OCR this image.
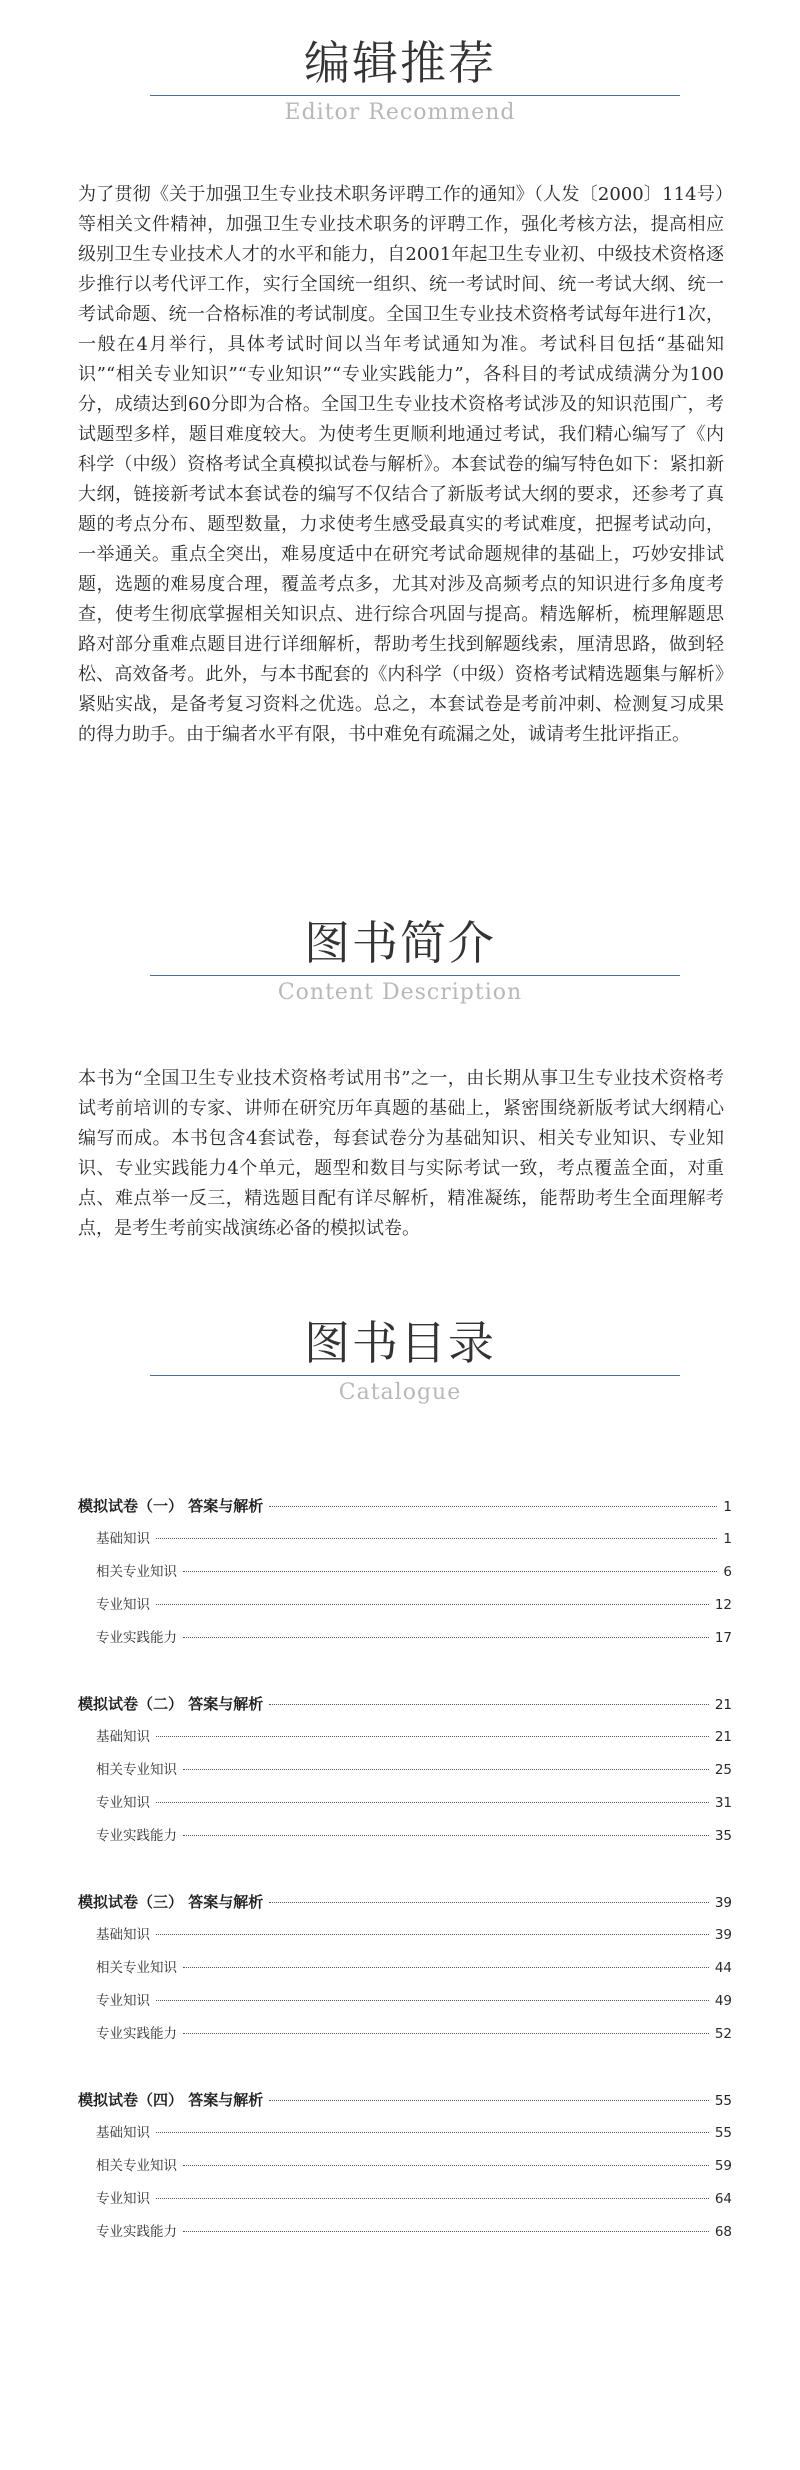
编辑推荐
Editor Recommend

为了贯彻《关于加强卫生专业技术职务评聘工作的通知》（人发〔2000〕114号）等相关文件精神，加强卫生专业技术职务的评聘工作，强化考核方法，提高相应级别卫生专业技术人才的水平和能力，自2001年起卫生专业初、中级技术资格逐步推行以考代评工作，实行全国统一组织、统一考试时间、统一考试大纲、统一考试命题、统一合格标准的考试制度。全国卫生专业技术资格考试每年进行1次，一般在4月举行，具体考试时间以当年考试通知为准。考试科目包括“基础知识”“相关专业知识”“专业知识”“专业实践能力”，各科目的考试成绩满分为100分，成绩达到60分即为合格。全国卫生专业技术资格考试涉及的知识范围广，考试题型多样，题目难度较大。为使考生更顺利地通过考试，我们精心编写了《内科学（中级）资格考试全真模拟试卷与解析》。本套试卷的编写特色如下：紧扣新大纲，链接新考试本套试卷的编写不仅结合了新版考试大纲的要求，还参考了真题的考点分布、题型数量，力求使考生感受最真实的考试难度，把握考试动向，一举通关。重点全突出，难易度适中在研究考试命题规律的基础上，巧妙安排试题，选题的难易度合理，覆盖考点多，尤其对涉及高频考点的知识进行多角度考查，使考生彻底掌握相关知识点、进行综合巩固与提高。精选解析，梳理解题思路对部分重难点题目进行详细解析，帮助考生找到解题线索，厘清思路，做到轻松、高效备考。此外，与本书配套的《内科学（中级）资格考试精选题集与解析》紧贴实战，是备考复习资料之优选。总之，本套试卷是考前冲刺、检测复习成果的得力助手。由于编者水平有限，书中难免有疏漏之处，诚请考生批评指正。

图书简介
Content Description

本书为“全国卫生专业技术资格考试用书”之一，由长期从事卫生专业技术资格考试考前培训的专家、讲师在研究历年真题的基础上，紧密围绕新版考试大纲精心编写而成。本书包含4套试卷，每套试卷分为基础知识、相关专业知识、专业知识、专业实践能力4个单元，题型和数目与实际考试一致，考点覆盖全面，对重点、难点举一反三，精选题目配有详尽解析，精准凝练，能帮助考生全面理解考点，是考生考前实战演练必备的模拟试卷。

图书目录
Catalogue
模拟试卷（一） 答案与解析	1
基础知识	1
相关专业知识	6
专业知识	12
专业实践能力	17
模拟试卷（二） 答案与解析	21
基础知识	21
相关专业知识	25
专业知识	31
专业实践能力	35
模拟试卷（三） 答案与解析	39
基础知识	39
相关专业知识	44
专业知识	49
专业实践能力	52
模拟试卷（四） 答案与解析	55
基础知识	55
相关专业知识	59
专业知识	64
专业实践能力	68
